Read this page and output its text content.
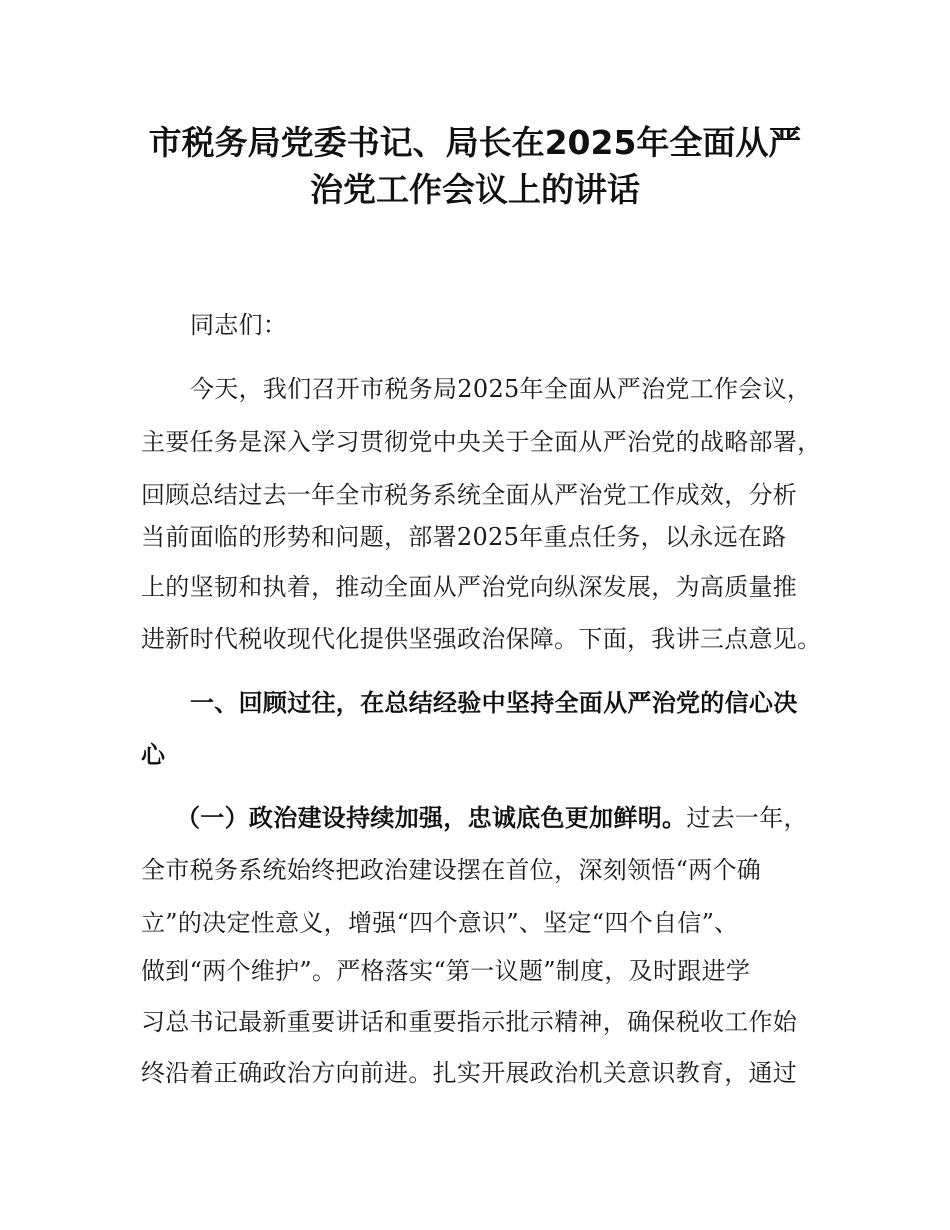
市税务局党委书记、局长在2025年全面从严
治党工作会议上的讲话
同志们：
今天，我们召开市税务局2025年全面从严治党工作会议，
主要任务是深入学习贯彻党中央关于全面从严治党的战略部署，
回顾总结过去一年全市税务系统全面从严治党工作成效，分析
当前面临的形势和问题，部署2025年重点任务，以永远在路
上的坚韧和执着，推动全面从严治党向纵深发展，为高质量推
进新时代税收现代化提供坚强政治保障。下面，我讲三点意见。
一、回顾过往，在总结经验中坚持全面从严治党的信心决
心
（一）政治建设持续加强，忠诚底色更加鲜明。过去一年，
全市税务系统始终把政治建设摆在首位，深刻领悟“两个确
立”的决定性意义，增强“四个意识”、坚定“四个自信”、
做到“两个维护”。严格落实“第一议题”制度，及时跟进学
习总书记最新重要讲话和重要指示批示精神，确保税收工作始
终沿着正确政治方向前进。扎实开展政治机关意识教育，通过
